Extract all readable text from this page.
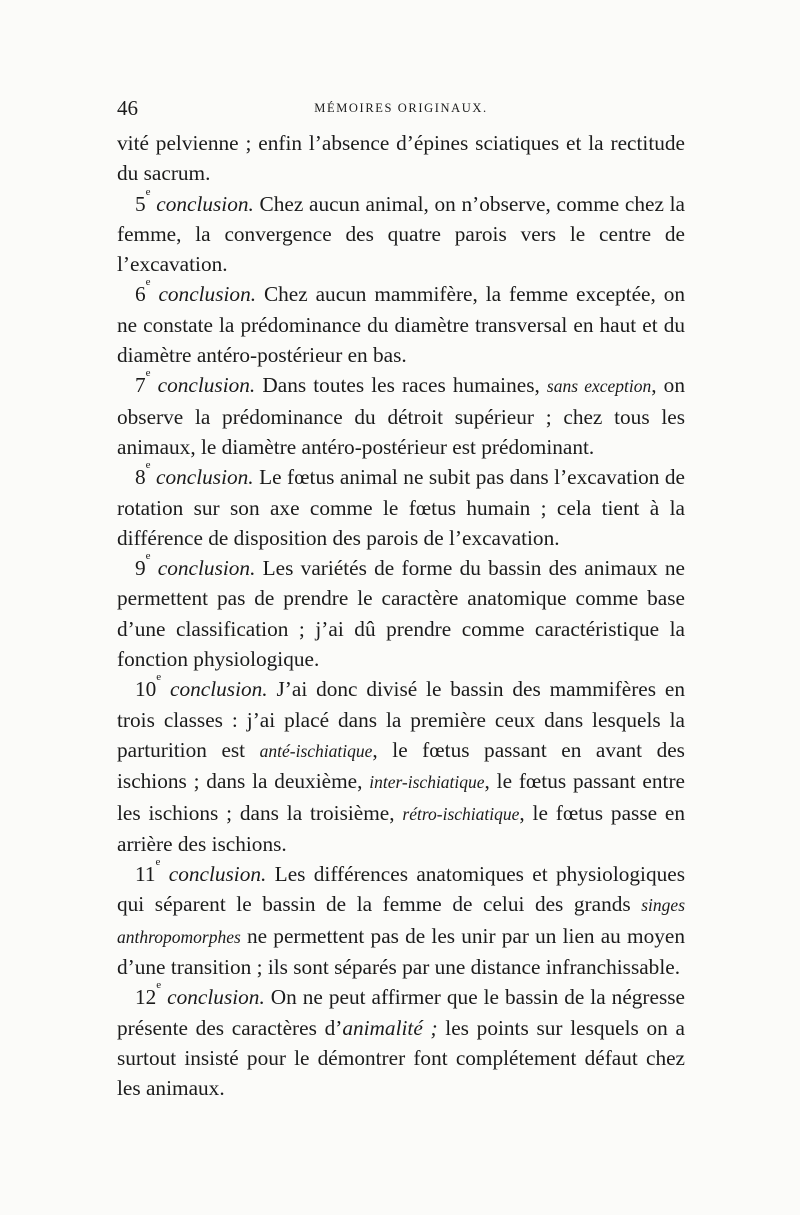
46	MÉMOIRES ORIGINAUX.

vité pelvienne ; enfin l’absence d’épines sciatiques et la rectitude du sacrum.

5e conclusion. Chez aucun animal, on n’observe, comme chez la femme, la convergence des quatre parois vers le centre de l’excavation.

6e conclusion. Chez aucun mammifère, la femme exceptée, on ne constate la prédominance du diamètre transversal en haut et du diamètre antéro-postérieur en bas.

7e conclusion. Dans toutes les races humaines, sans exception, on observe la prédominance du détroit supérieur ; chez tous les animaux, le diamètre antéro-postérieur est prédominant.

8e conclusion. Le fœtus animal ne subit pas dans l’excavation de rotation sur son axe comme le fœtus humain ; cela tient à la différence de disposition des parois de l’excavation.

9e conclusion. Les variétés de forme du bassin des animaux ne permettent pas de prendre le caractère anatomique comme base d’une classification ; j’ai dû prendre comme caractéristique la fonction physiologique.

10e conclusion. J’ai donc divisé le bassin des mammifères en trois classes : j’ai placé dans la première ceux dans lesquels la parturition est anté-ischiatique, le fœtus passant en avant des ischions ; dans la deuxième, inter-ischiatique, le fœtus passant entre les ischions ; dans la troisième, rétro-ischiatique, le fœtus passe en arrière des ischions.

11e conclusion. Les différences anatomiques et physiologiques qui séparent le bassin de la femme de celui des grands singes anthropomorphes ne permettent pas de les unir par un lien au moyen d’une transition ; ils sont séparés par une distance infranchissable.

12e conclusion. On ne peut affirmer que le bassin de la négresse présente des caractères d’animalité ; les points sur lesquels on a surtout insisté pour le démontrer font complétement défaut chez les animaux.
